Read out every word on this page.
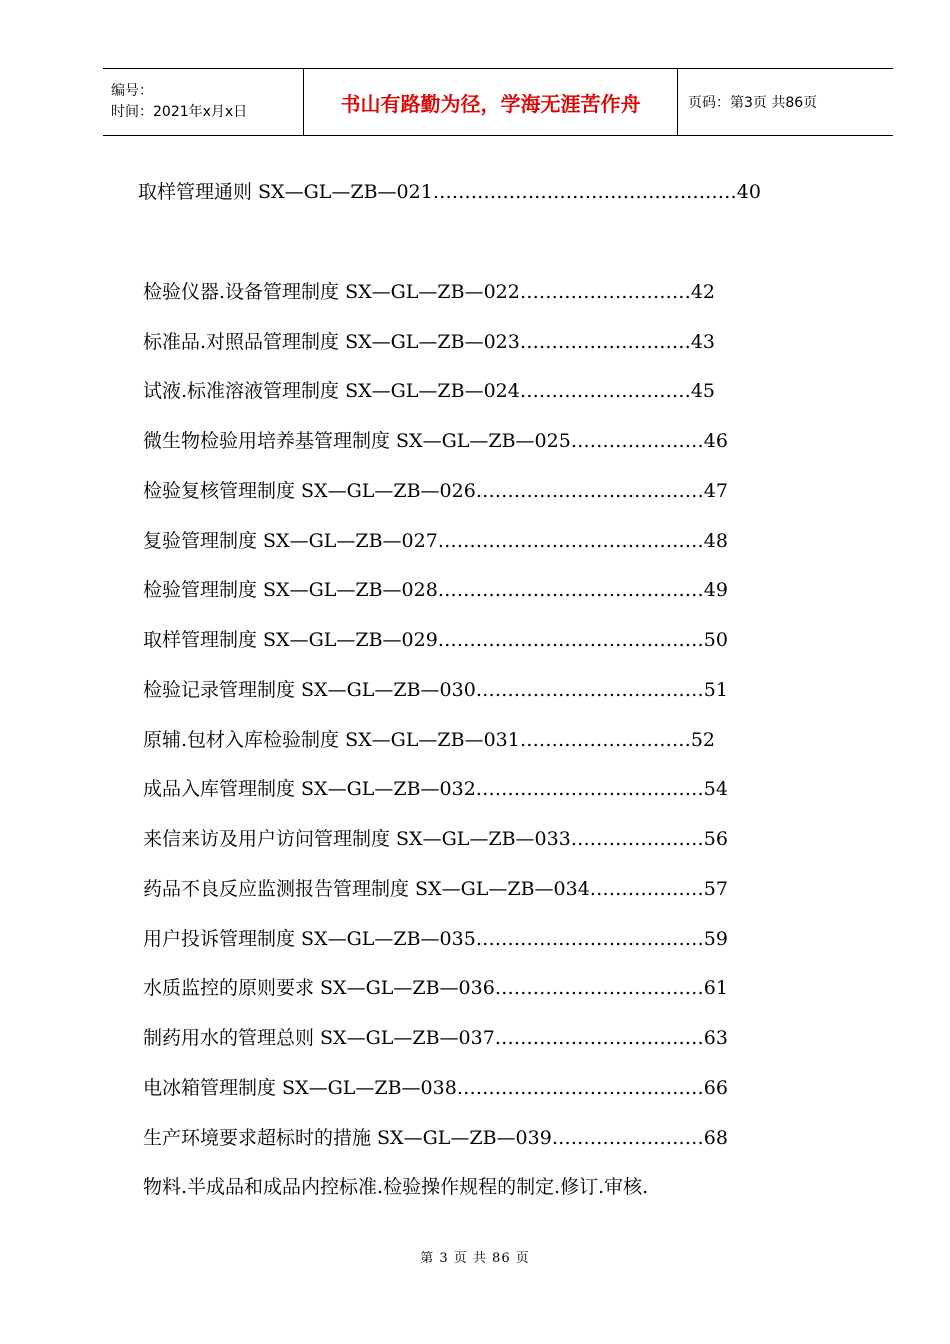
编号：
时间：2021年x月x日	书山有路勤为径，学海无涯苦作舟	页码：第3页 共86页
取样管理通则 SX—GL—ZB—021…………………………………………40
检验仪器.设备管理制度 SX—GL—ZB—022………………………42
标准品.对照品管理制度 SX—GL—ZB—023………………………43
试液.标准溶液管理制度 SX—GL—ZB—024………………………45
微生物检验用培养基管理制度 SX—GL—ZB—025…………………46
检验复核管理制度 SX—GL—ZB—026………………………………47
复验管理制度 SX—GL—ZB—027……………………………………48
检验管理制度 SX—GL—ZB—028……………………………………49
取样管理制度 SX—GL—ZB—029……………………………………50
检验记录管理制度 SX—GL—ZB—030………………………………51
原辅.包材入库检验制度 SX—GL—ZB—031………………………52
成品入库管理制度 SX—GL—ZB—032………………………………54
来信来访及用户访问管理制度 SX—GL—ZB—033…………………56
药品不良反应监测报告管理制度 SX—GL—ZB—034………………57
用户投诉管理制度 SX—GL—ZB—035………………………………59
水质监控的原则要求 SX—GL—ZB—036……………………………61
制药用水的管理总则 SX—GL—ZB—037……………………………63
电冰箱管理制度 SX—GL—ZB—038…………………………………66
生产环境要求超标时的措施 SX—GL—ZB—039……………………68
物料.半成品和成品内控标准.检验操作规程的制定.修订.审核.
第 3 页 共 86 页
